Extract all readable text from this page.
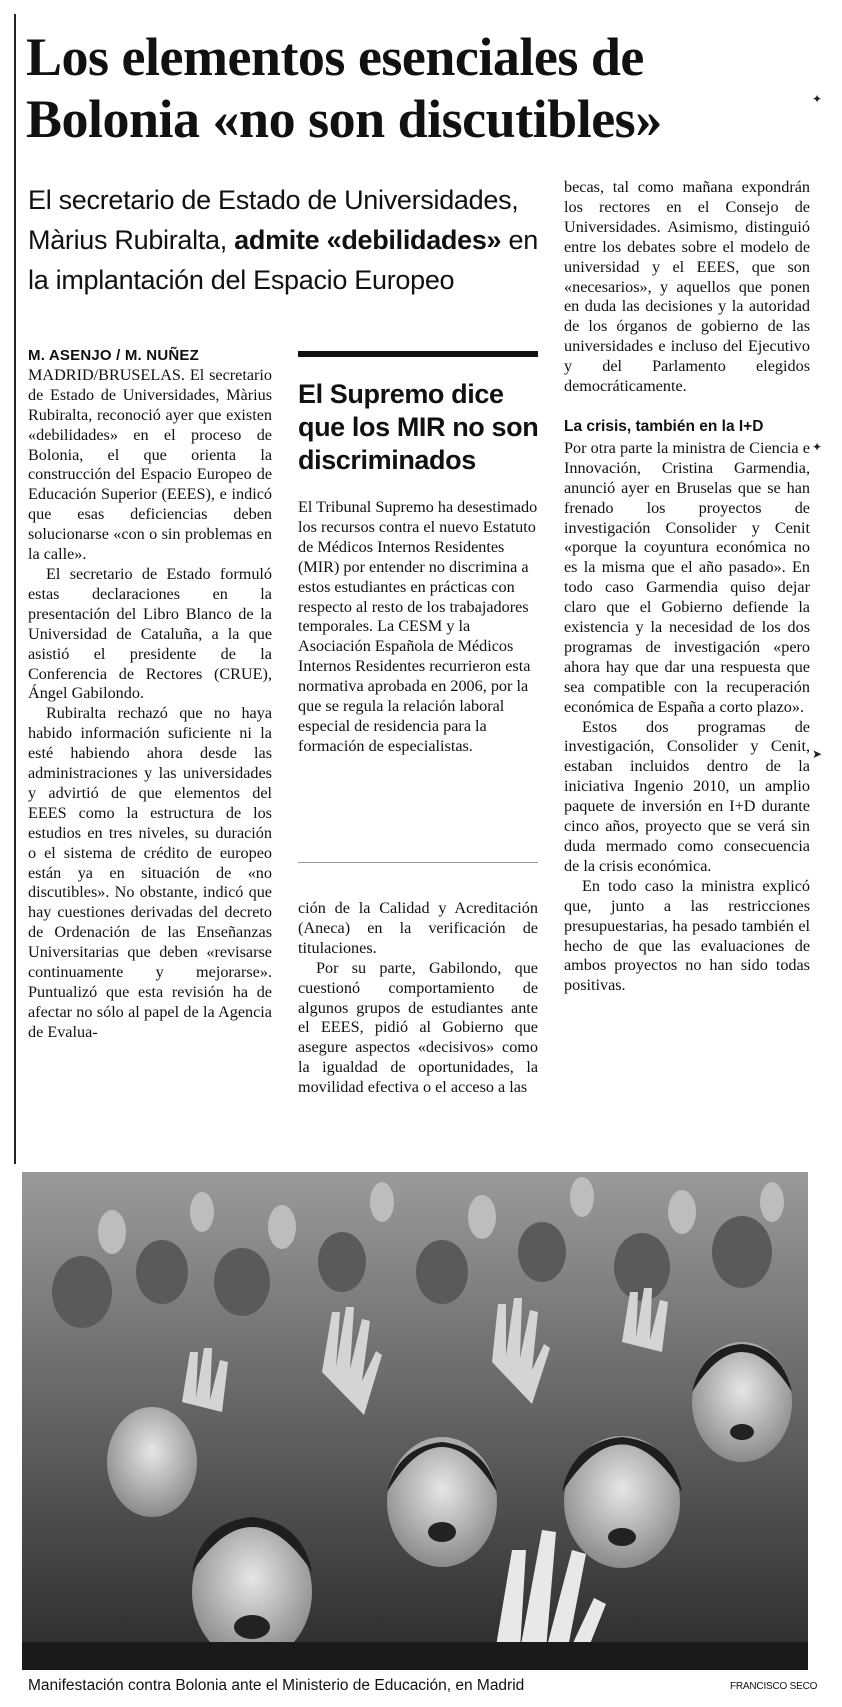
Los elementos esenciales de
Bolonia «no son discutibles»

El secretario de Estado de Universidades, Màrius Rubiralta, admite «debilidades» en la implantación del Espacio Europeo

M. ASENJO / M. NUÑEZ

MADRID/BRUSELAS. El secretario de Estado de Universidades, Màrius Rubiralta, reconoció ayer que existen «debilidades» en el proceso de Bolonia, el que orienta la construcción del Espacio Europeo de Educación Superior (EEES), e indicó que esas deficiencias deben solucionarse «con o sin problemas en la calle».

El secretario de Estado formuló estas declaraciones en la presentación del Libro Blanco de la Universidad de Cataluña, a la que asistió el presidente de la Conferencia de Rectores (CRUE), Ángel Gabilondo.

Rubiralta rechazó que no haya habido información suficiente ni la esté habiendo ahora desde las administraciones y las universidades y advirtió de que elementos del EEES como la estructura de los estudios en tres niveles, su duración o el sistema de crédito de europeo están ya en situación de «no discutibles». No obstante, indicó que hay cuestiones derivadas del decreto de Ordenación de las Enseñanzas Universitarias que deben «revisarse continuamente y mejorarse». Puntualizó que esta revisión ha de afectar no sólo al papel de la Agencia de Evalua-

El Supremo dice que los MIR no son discriminados

El Tribunal Supremo ha desestimado los recursos contra el nuevo Estatuto de Médicos Internos Residentes (MIR) por entender no discrimina a estos estudiantes en prácticas con respecto al resto de los trabajadores temporales. La CESM y la Asociación Española de Médicos Internos Residentes recurrieron esta normativa aprobada en 2006, por la que se regula la relación laboral especial de residencia para la formación de especialistas.

ción de la Calidad y Acreditación (Aneca) en la verificación de titulaciones.

Por su parte, Gabilondo, que cuestionó comportamiento de algunos grupos de estudiantes ante el EEES, pidió al Gobierno que asegure aspectos «decisivos» como la igualdad de oportunidades, la movilidad efectiva o el acceso a las

becas, tal como mañana expondrán los rectores en el Consejo de Universidades. Asimismo, distinguió entre los debates sobre el modelo de universidad y el EEES, que son «necesarios», y aquellos que ponen en duda las decisiones y la autoridad de los órganos de gobierno de las universidades e incluso del Ejecutivo y del Parlamento elegidos democráticamente.

La crisis, también en la I+D

Por otra parte la ministra de Ciencia e Innovación, Cristina Garmendia, anunció ayer en Bruselas que se han frenado los proyectos de investigación Consolider y Cenit «porque la coyuntura económica no es la misma que el año pasado». En todo caso Garmendia quiso dejar claro que el Gobierno defiende la existencia y la necesidad de los dos programas de investigación «pero ahora hay que dar una respuesta que sea compatible con la recuperación económica de España a corto plazo».

Estos dos programas de investigación, Consolider y Cenit, estaban incluidos dentro de la iniciativa Ingenio 2010, un amplio paquete de inversión en I+D durante cinco años, proyecto que se verá sin duda mermado como consecuencia de la crisis económica.

En todo caso la ministra explicó que, junto a las restricciones presupuestarias, ha pesado también el hecho de que las evaluaciones de ambos proyectos no han sido todas positivas.

✦
✦
➤
Manifestación contra Bolonia ante el Ministerio de Educación, en Madrid	FRANCISCO SECO
